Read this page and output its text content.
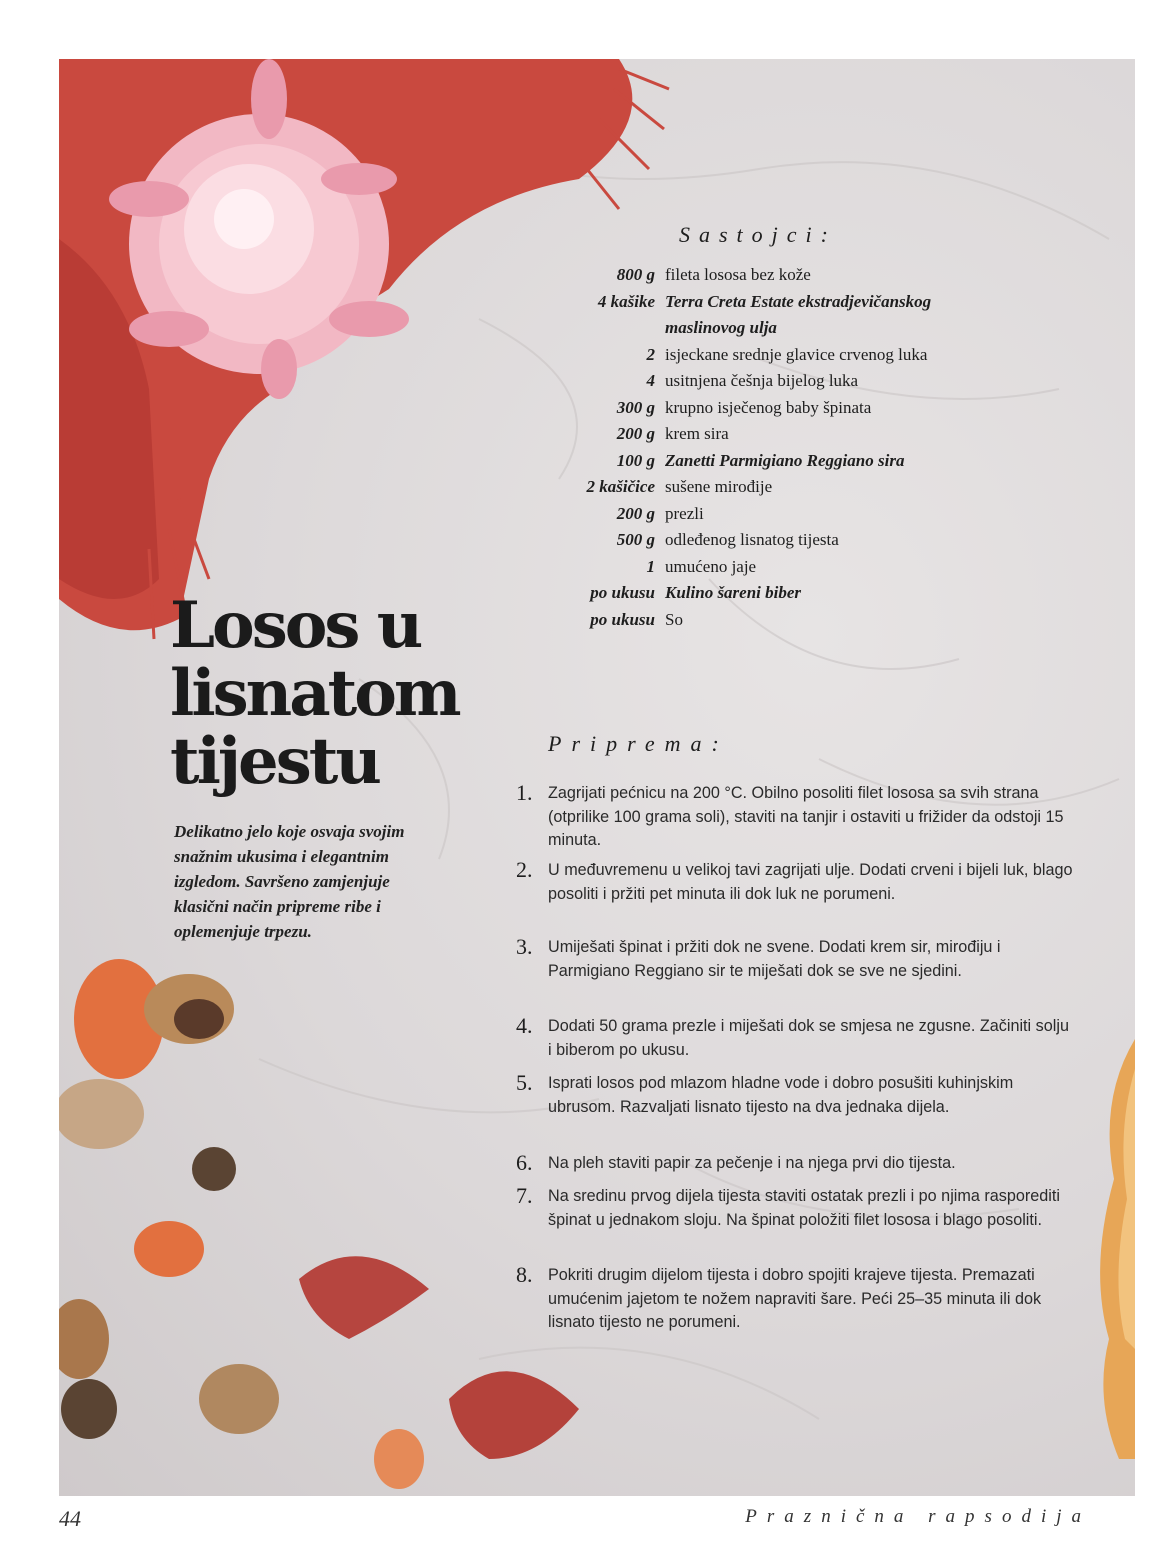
Sastojci:
800 g fileta lososa bez kože
4 kašike Terra Creta Estate ekstradjevičanskog maslinovog ulja
2 isjeckane srednje glavice crvenog luka
4 usitnjena češnja bijelog luka
300 g krupno isječenog baby špinata
200 g krem sira
100 g Zanetti Parmigiano Reggiano sira
2 kašičice sušene mirođije
200 g prezli
500 g odleđenog lisnatog tijesta
1 umućeno jaje
po ukusu Kulino šareni biber
po ukusu So
Losos u
lisnatom
tijestu
Delikatno jelo koje osvaja svojim snažnim ukusima i elegantnim izgledom. Savršeno zamjenjuje klasični način pripreme ribe i oplemenjuje trpezu.
Priprema:
1. Zagrijati pećnicu na 200 °C. Obilno posoliti filet lososa sa svih strana (otprilike 100 grama soli), staviti na tanjir i ostaviti u frižider da odstoji 15 minuta.
2. U međuvremenu u velikoj tavi zagrijati ulje. Dodati crveni i bijeli luk, blago posoliti i pržiti pet minuta ili dok luk ne porumeni.
3. Umiješati špinat i pržiti dok ne svene. Dodati krem sir, mirođiju i Parmigiano Reggiano sir te miješati dok se sve ne sjedini.
4. Dodati 50 grama prezle i miješati dok se smjesa ne zgusne. Začiniti solju i biberom po ukusu.
5. Isprati losos pod mlazom hladne vode i dobro posušiti kuhinjskim ubrusom. Razvaljati lisnato tijesto na dva jednaka dijela.
6. Na pleh staviti papir za pečenje i na njega prvi dio tijesta.
7. Na sredinu prvog dijela tijesta staviti ostatak prezli i po njima rasporediti špinat u jednakom sloju. Na špinat položiti filet lososa i blago posoliti.
8. Pokriti drugim dijelom tijesta i dobro spojiti krajeve tijesta. Premazati umućenim jajetom te nožem napraviti šare. Peći 25–35 minuta ili dok lisnato tijesto ne porumeni.
44	Praznična rapsodija
